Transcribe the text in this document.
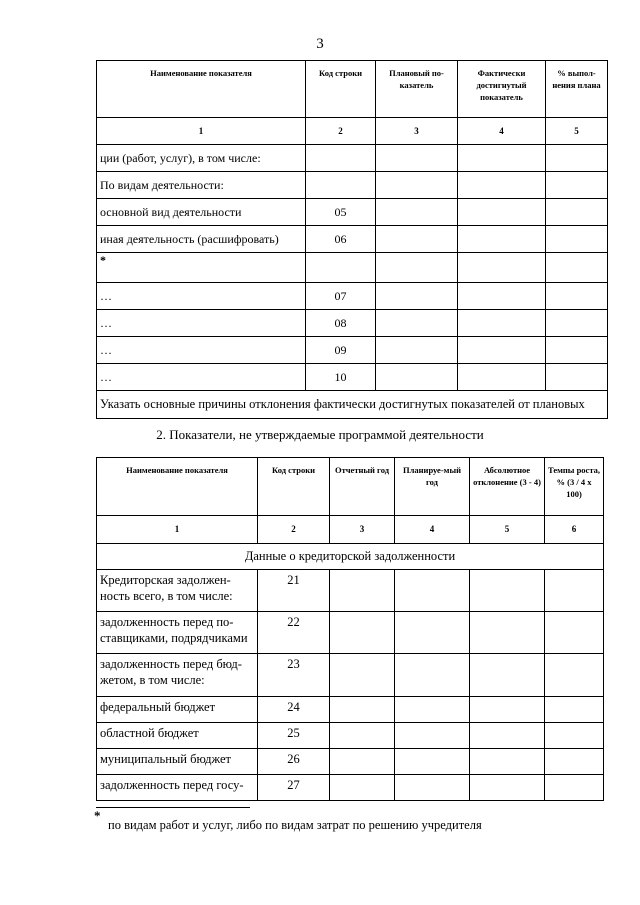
3
Наименование показателя	Код строки	Плановый по-казатель	Фактически достигнутый показатель	% выпол-нения плана
1	2	3	4	5
ции (работ, услуг), в том числе:				
По видам деятельности:				
основной вид деятельности	05			
иная деятельность (расшифровать)	06			
*				
…	07			
…	08			
…	09			
…	10			
Указать основные причины отклонения фактически достигнутых показателей от плановых				
2. Показатели, не утверждаемые программой деятельности
Наименование показателя	Код строки	Отчетный год	Планируе-мый год	Абсолютное отклонение (3 - 4)	Темпы роста, % (3 / 4 х 100)
1	2	3	4	5	6
Данные о кредиторской задолженности					
Кредиторская задолжен-ность всего, в том числе:	21				
задолженность перед по-ставщиками, подрядчиками	22				
задолженность перед бюд-жетом, в том числе:	23				
федеральный бюджет	24				
областной бюджет	25				
муниципальный бюджет	26				
задолженность перед госу-	27				
*
по видам работ и услуг, либо по видам затрат по решению учредителя
